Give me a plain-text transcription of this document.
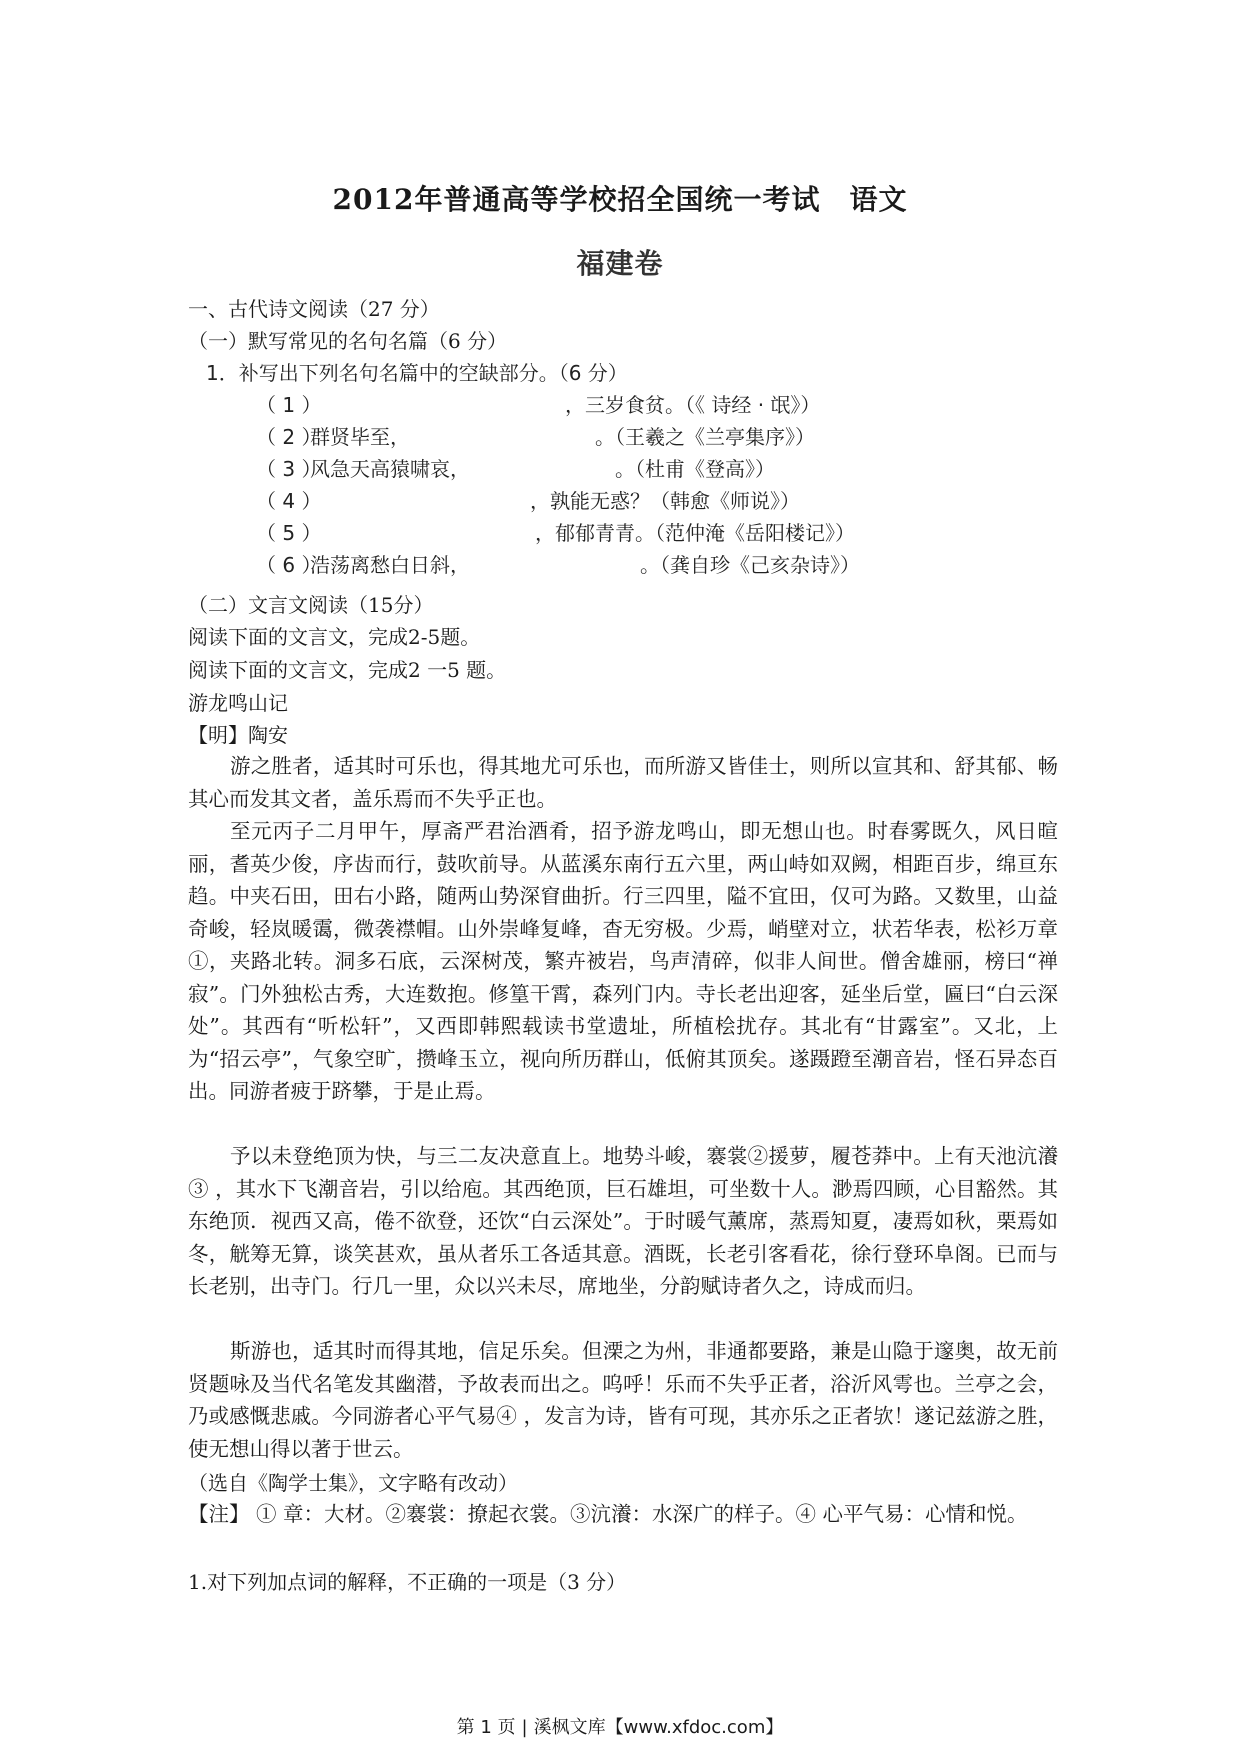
2012年普通高等学校招全国统一考试　语文
福建卷
一、古代诗文阅读（27 分）
（一）默写常见的名句名篇（6 分）
1．补写出下列名句名篇中的空缺部分。（6 分）
（ 1 ）	，三岁食贫。（《 诗经 · 氓》）
（ 2 ）群贤毕至，	。（王羲之《兰亭集序》）
（ 3 ）风急天高猿啸哀，	。（杜甫《登高》）
（ 4 ）	，孰能无惑？（韩愈《师说》）
（ 5 ）	，郁郁青青。（范仲淹《岳阳楼记》）
（ 6 ）浩荡离愁白日斜，	。（龚自珍《己亥杂诗》）
（二）文言文阅读（15分）
阅读下面的文言文，完成2-5题。
阅读下面的文言文，完成2 一5 题。
游龙鸣山记
【明】陶安
游之胜者，适其时可乐也，得其地尤可乐也，而所游又皆佳士，则所以宣其和、舒其郁、畅其心而发其文者，盖乐焉而不失乎正也。
至元丙子二月甲午，厚斋严君治酒肴，招予游龙鸣山，即无想山也。时春雾既久，风日暄丽，耆英少俊，序齿而行，鼓吹前导。从蓝溪东南行五六里，两山峙如双阙，相距百步，绵亘东趋。中夹石田，田右小路，随两山势深窅曲折。行三四里，隘不宜田，仅可为路。又数里，山益奇峻，轻岚暖霭，微袭襟帽。山外崇峰复峰，杳无穷极。少焉，峭壁对立，状若华表，松衫万章①，夹路北转。洞多石底，云深树茂，繁卉被岩，鸟声清碎，似非人间世。僧舍雄丽，榜曰“禅寂”。门外独松古秀，大连数抱。修篁干霄，森列门内。寺长老出迎客，延坐后堂，匾曰“白云深处”。其西有“听松轩”，又西即韩熙载读书堂遗址，所植桧扰存。其北有“甘露室”。又北，上为“招云亭”，气象空旷，攒峰玉立，视向所历群山，低俯其顶矣。遂蹑蹬至潮音岩，怪石异态百出。同游者疲于跻攀，于是止焉。
予以未登绝顶为快，与三二友决意直上。地势斗峻，褰裳②援萝，履苍莽中。上有天池沆瀁③ ，其水下飞潮音岩，引以给庖。其西绝顶，巨石雄坦，可坐数十人。渺焉四顾，心目豁然。其东绝顶．视西又高，倦不欲登，还饮“白云深处”。于时暖气薰席，蒸焉知夏，凄焉如秋，栗焉如冬，觥筹无算，谈笑甚欢，虽从者乐工各适其意。酒既，长老引客看花，徐行登环阜阁。已而与长老别，出寺门。行几一里，众以兴未尽，席地坐，分韵赋诗者久之，诗成而归。
斯游也，适其时而得其地，信足乐矣。但溧之为州，非通都要路，兼是山隐于邃奥，故无前贤题咏及当代名笔发其幽潜，予故表而出之。呜呼！乐而不失乎正者，浴沂风雩也。兰亭之会，乃或感慨悲戚。今同游者心平气易④ ，发言为诗，皆有可现，其亦乐之正者欤！遂记兹游之胜，使无想山得以著于世云。
（选自《陶学士集》，文字略有改动）
【注】 ① 章：大材。②褰裳：撩起衣裳。③沆瀁：水深广的样子。④ 心平气易：心情和悦。
1.对下列加点词的解释，不正确的一项是（3 分）
第 1 页 | 溪枫文库【www.xfdoc.com】
